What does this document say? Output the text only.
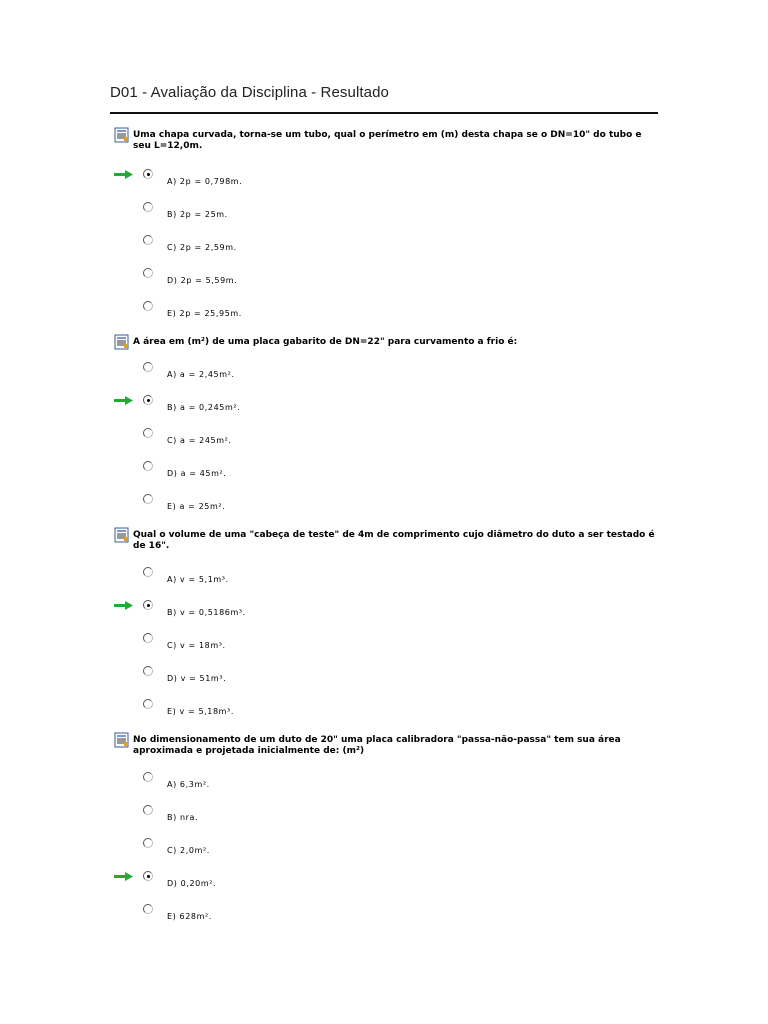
D01 - Avaliação da Disciplina - Resultado
Uma chapa curvada, torna-se um tubo, qual o perímetro em (m) desta chapa se o DN=10" do tubo e seu L=12,0m.
A) 2p = 0,798m.
B) 2p = 25m.
C) 2p = 2,59m.
D) 2p = 5,59m.
E) 2p = 25,95m.
A área em (m²) de uma placa gabarito de DN=22" para curvamento a frio é:
A) a = 2,45m².
B) a = 0,245m².
C) a = 245m².
D) a = 45m².
E) a = 25m².
Qual o volume de uma "cabeça de teste" de 4m de comprimento cujo diâmetro do duto a ser testado é de 16".
A) v = 5,1m³.
B) v = 0,5186m³.
C) v = 18m³.
D) v = 51m³.
E) v = 5,18m³.
No dimensionamento de um duto de 20" uma placa calibradora "passa-não-passa" tem sua área aproximada e projetada inicialmente de: (m²)
A) 6,3m².
B) nra.
C) 2,0m².
D) 0,20m².
E) 628m².
